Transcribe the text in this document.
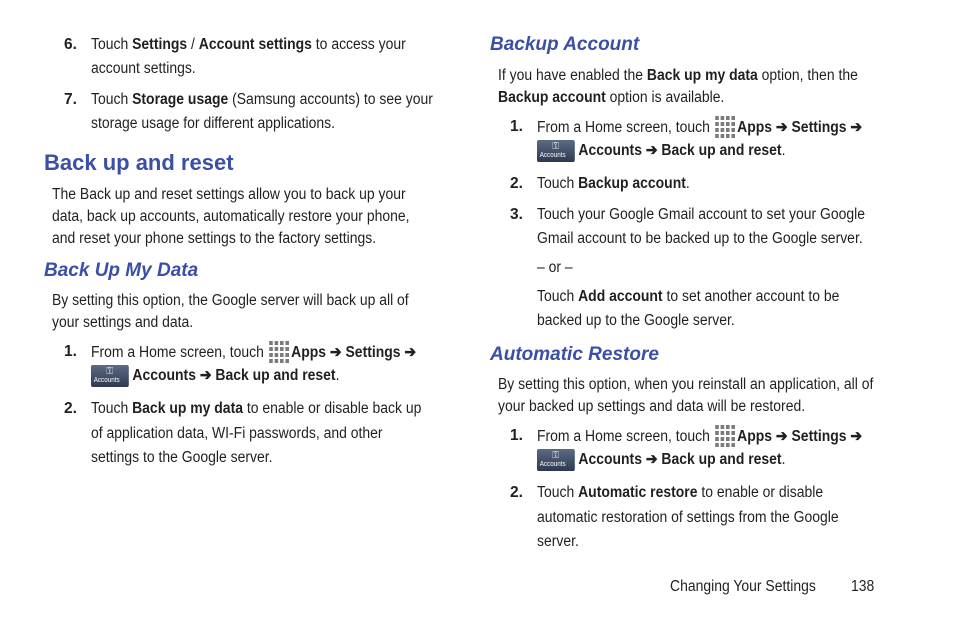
6. Touch Settings / Account settings to access your
account settings.
7. Touch Storage usage (Samsung accounts) to see your
storage usage for different applications.
Back up and reset
The Back up and reset settings allow you to back up your
data, back up accounts, automatically restore your phone,
and reset your phone settings to the factory settings.
Back Up My Data
By setting this option, the Google server will back up all of
your settings and data.
1. From a Home screen, touch
Apps ➔ Settings ➔
⚿
Accounts Accounts ➔ Back up and reset.
2. Touch Back up my data to enable or disable back up
of application data, WI-Fi passwords, and other
settings to the Google server.
Backup Account
If you have enabled the Back up my data option, then the
Backup account option is available.
1. From a Home screen, touch
Apps ➔ Settings ➔
⚿
Accounts Accounts ➔ Back up and reset.
2. Touch Backup account.
3. Touch your Google Gmail account to set your Google
Gmail account to be backed up to the Google server.
– or –
Touch Add account to set another account to be
backed up to the Google server.
Automatic Restore
By setting this option, when you reinstall an application, all of
your backed up settings and data will be restored.
1. From a Home screen, touch
Apps ➔ Settings ➔
⚿
Accounts Accounts ➔ Back up and reset.
2. Touch Automatic restore to enable or disable
automatic restoration of settings from the Google
server.
Changing Your Settings 138
